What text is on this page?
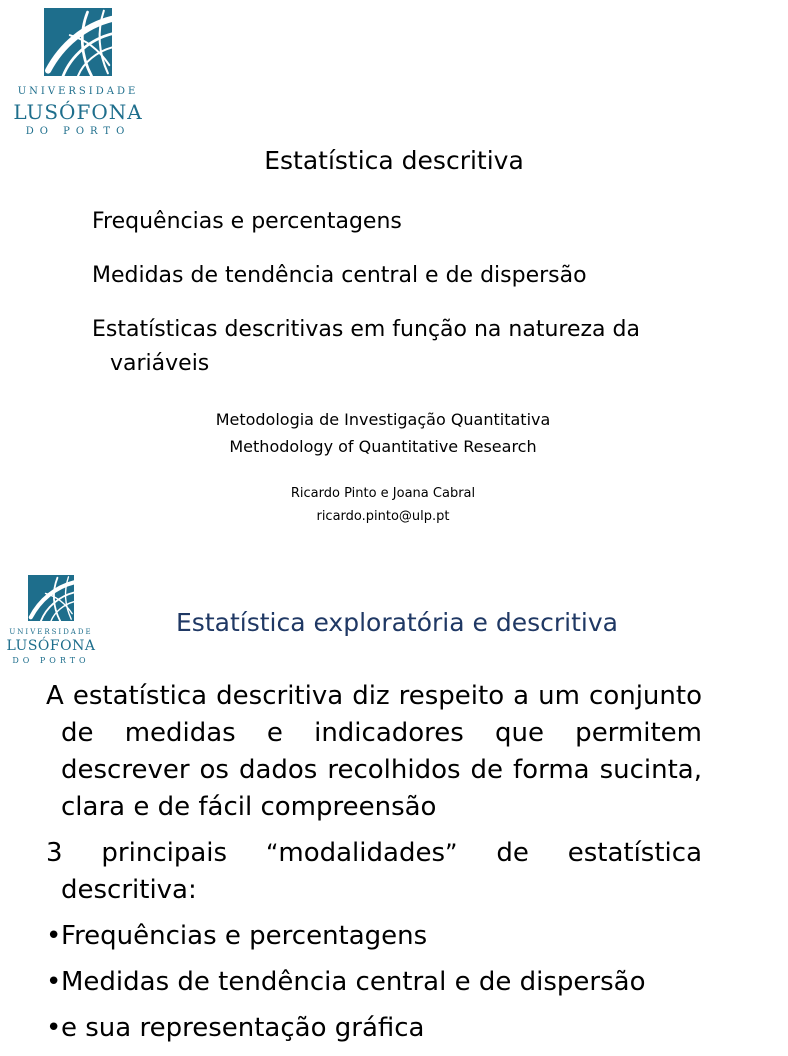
UNIVERSIDADE
LUSÓFONA
DO PORTO
Estatística descritiva
Frequências e percentagens
Medidas de tendência central e de dispersão
Estatísticas descritivas em função na natureza da variáveis
Metodologia de Investigação Quantitativa
Methodology of Quantitative Research
Ricardo Pinto e Joana Cabral
ricardo.pinto@ulp.pt
UNIVERSIDADE
LUSÓFONA
DO PORTO
Estatística exploratória e descritiva

A estatística descritiva diz respeito a um conjunto de medidas e indicadores que permitem descrever os dados recolhidos de forma sucinta, clara e de fácil compreensão

3 principais “modalidades” de estatística descritiva:

•Frequências e percentagens
•Medidas de tendência central e de dispersão
•e sua representação gráfica
